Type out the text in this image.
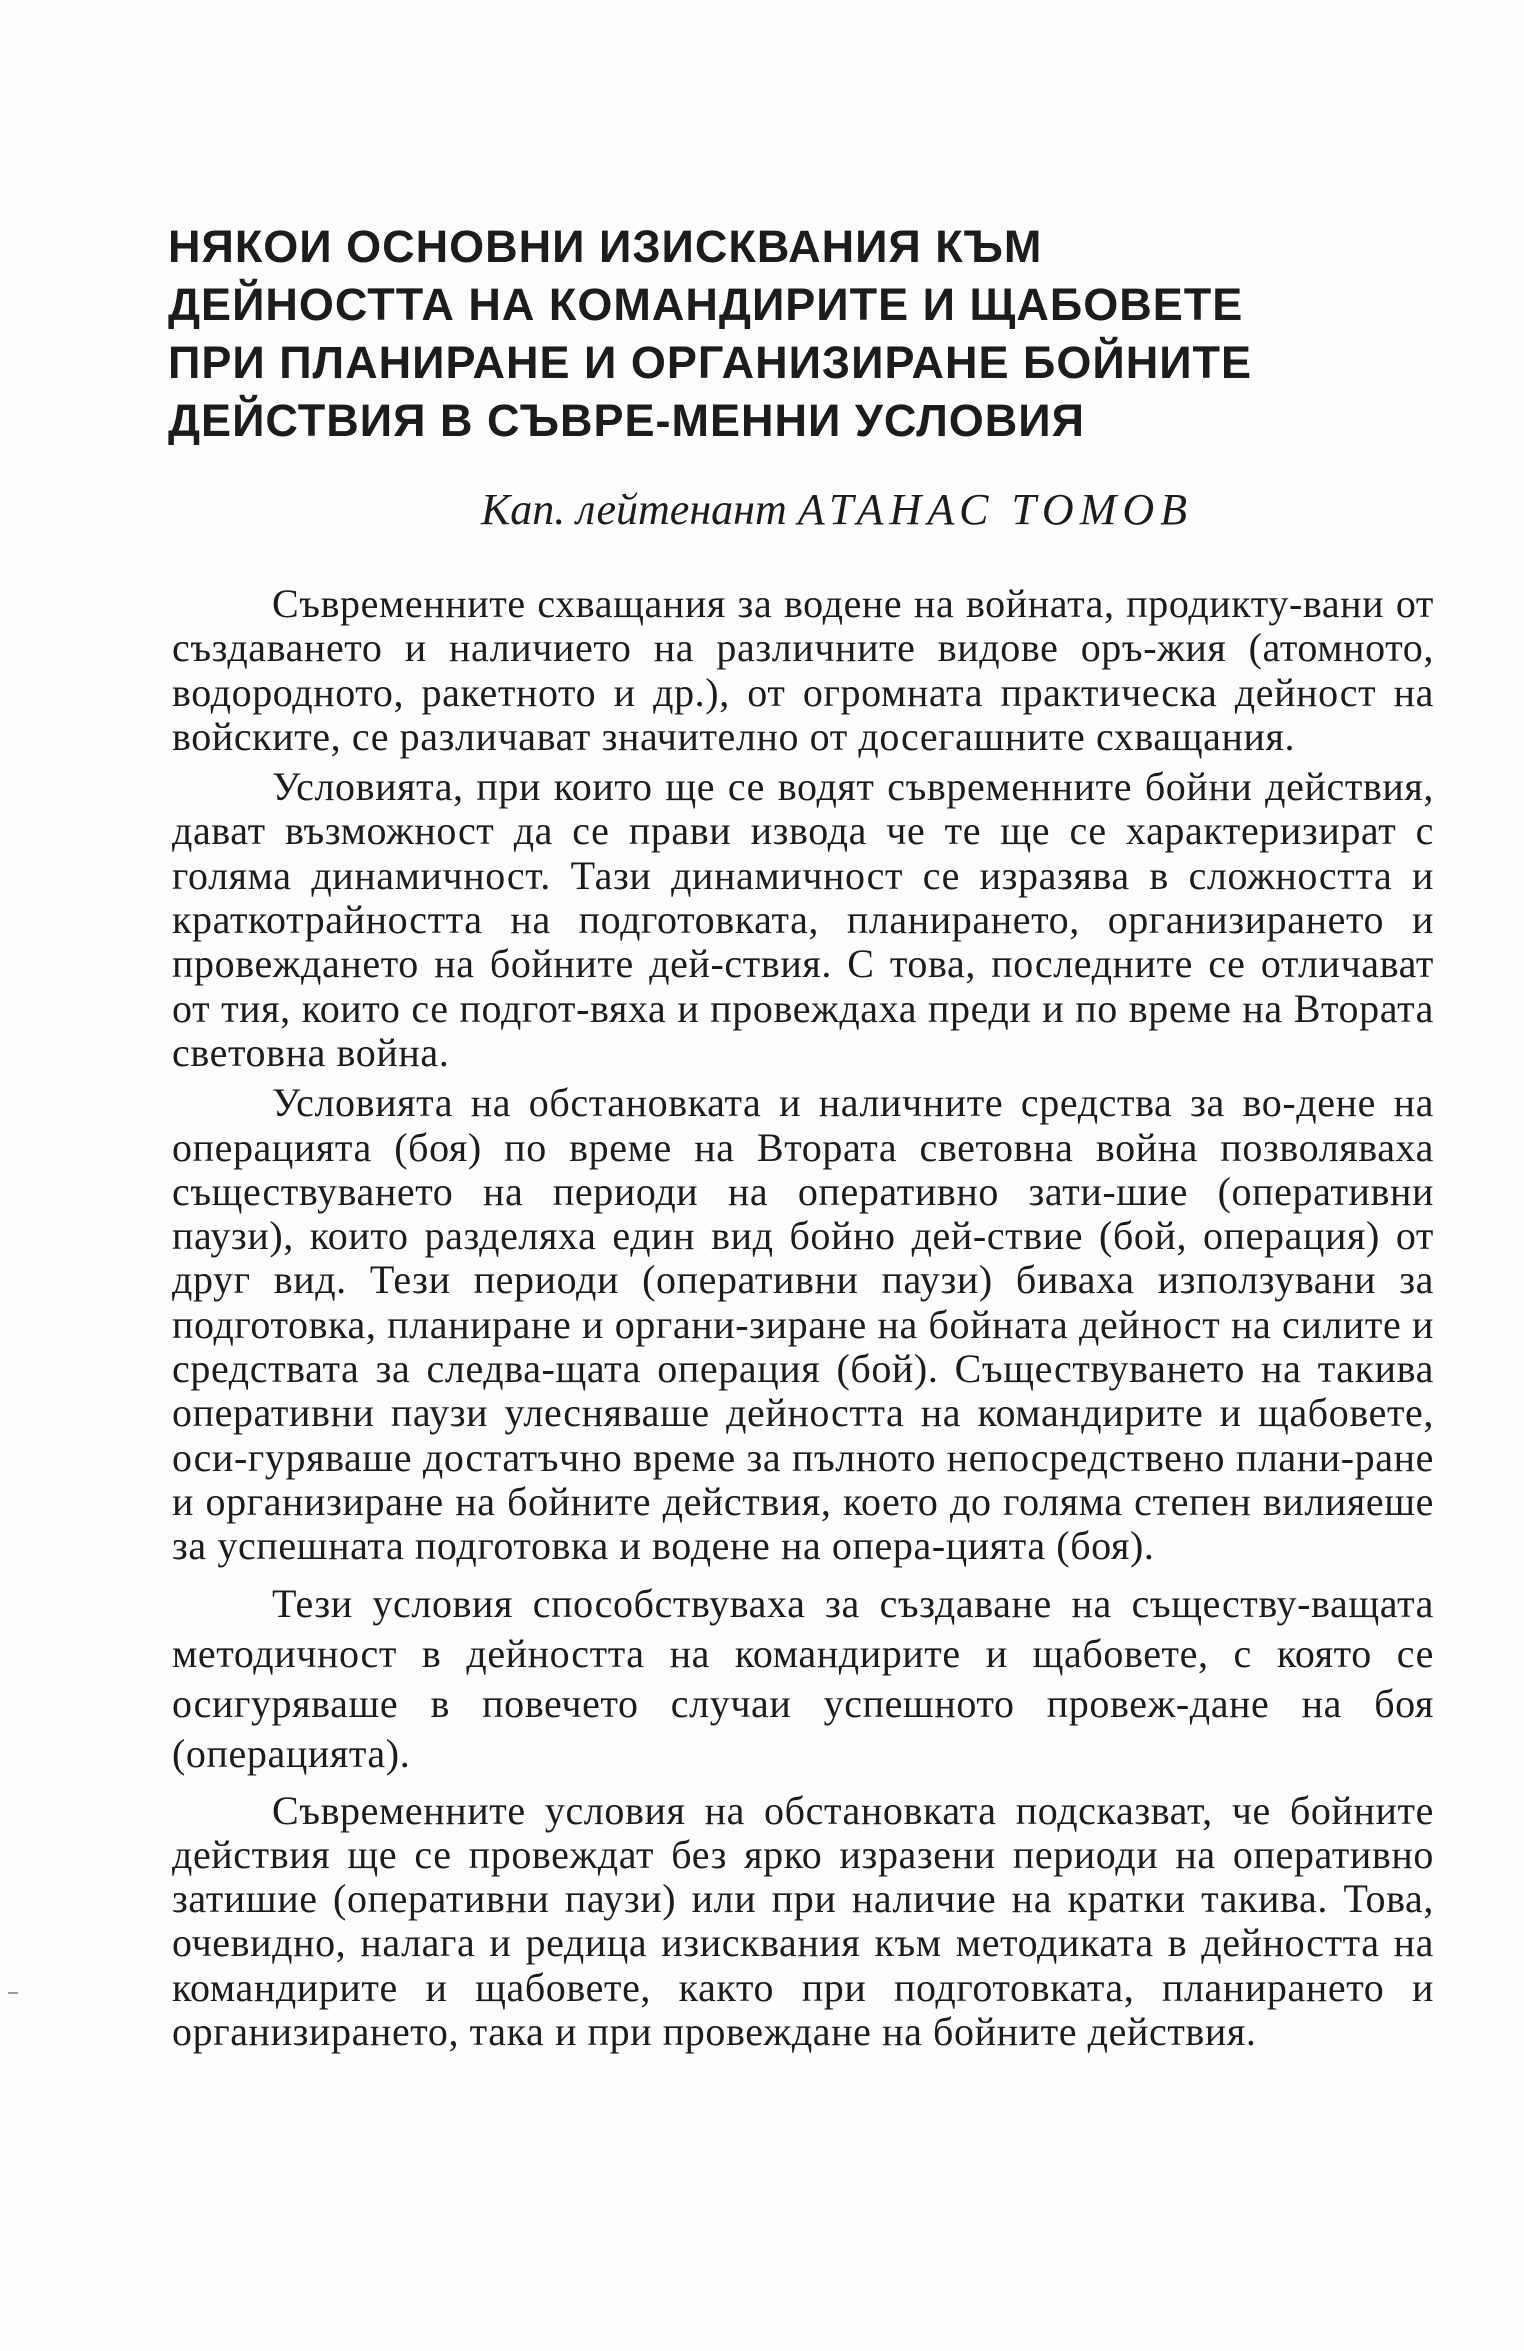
НЯКОИ ОСНОВНИ ИЗИСКВАНИЯ КЪМ ДЕЙНОСТТА НА КОМАНДИРИТЕ И ЩАБОВЕТЕ ПРИ ПЛАНИРАНЕ И ОРГАНИЗИРАНЕ БОЙНИТЕ ДЕЙСТВИЯ В СЪВРЕ-МЕННИ УСЛОВИЯ
Кап. лейтенант АТАНАС ТОМОВ

Съвременните схващания за водене на войната, продикту-вани от създаването и наличието на различните видове оръ-жия (атомното, водородното, ракетното и др.), от огромната практическа дейност на войските, се различават значително от досегашните схващания.

Условията, при които ще се водят съвременните бойни действия, дават възможност да се прави извода че те ще се характеризират с голяма динамичност. Тази динамичност се изразява в сложността и краткотрайността на подготовката, планирането, организирането и провеждането на бойните дей-ствия. С това, последните се отличават от тия, които се подгот-вяха и провеждаха преди и по време на Втората световна война.

Условията на обстановката и наличните средства за во-дене на операцията (боя) по време на Втората световна война позволяваха съществуването на периоди на оперативно зати-шие (оперативни паузи), които разделяха един вид бойно дей-ствие (бой, операция) от друг вид. Тези периоди (оперативни паузи) биваха използувани за подготовка, планиране и органи-зиране на бойната дейност на силите и средствата за следва-щата операция (бой). Съществуването на такива оперативни паузи улесняваше дейността на командирите и щабовете, оси-гуряваше достатъчно време за пълното непосредствено плани-ране и организиране на бойните действия, което до голяма степен вилияеше за успешната подготовка и водене на опера-цията (боя).

Тези условия способствуваха за създаване на съществу-ващата методичност в дейността на командирите и щабовете, с която се осигуряваше в повечето случаи успешното провеж-дане на боя (операцията).

Съвременните условия на обстановката подсказват, че бойните действия ще се провеждат без ярко изразени периоди на оперативно затишие (оперативни паузи) или при наличие на кратки такива. Това, очевидно, налага и редица изисквания към методиката в дейността на командирите и щабовете, както при подготовката, планирането и организирането, така и при провеждане на бойните действия.
